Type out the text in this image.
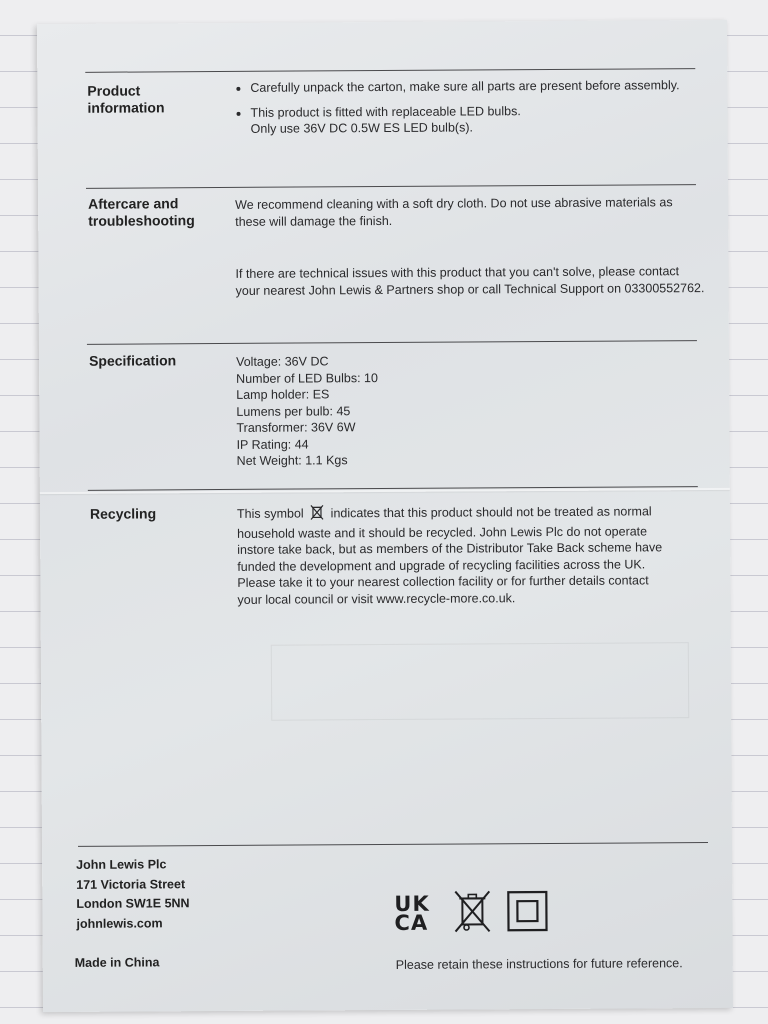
Product information
• Carefully unpack the carton, make sure all parts are present before assembly.
• This product is fitted with replaceable LED bulbs.
Only use 36V DC 0.5W ES LED bulb(s).
Aftercare and troubleshooting
We recommend cleaning with a soft dry cloth. Do not use abrasive materials as these will damage the finish.
If there are technical issues with this product that you can't solve, please contact your nearest John Lewis & Partners shop or call Technical Support on 03300552762.
Specification	Voltage: 36V DC
Number of LED Bulbs: 10
Lamp holder: ES
Lumens per bulb: 45
Transformer: 36V 6W
IP Rating: 44
Net Weight: 1.1 Kgs
Recycling	This symbol indicates that this product should not be treated as normal household waste and it should be recycled. John Lewis Plc do not operate instore take back, but as members of the Distributor Take Back scheme have funded the development and upgrade of recycling facilities across the UK. Please take it to your nearest collection facility or for further details contact your local council or visit www.recycle-more.co.uk.
John Lewis Plc
171 Victoria Street
London SW1E 5NN
johnlewis.com
Made in China
UK
CA
Please retain these instructions for future reference.
